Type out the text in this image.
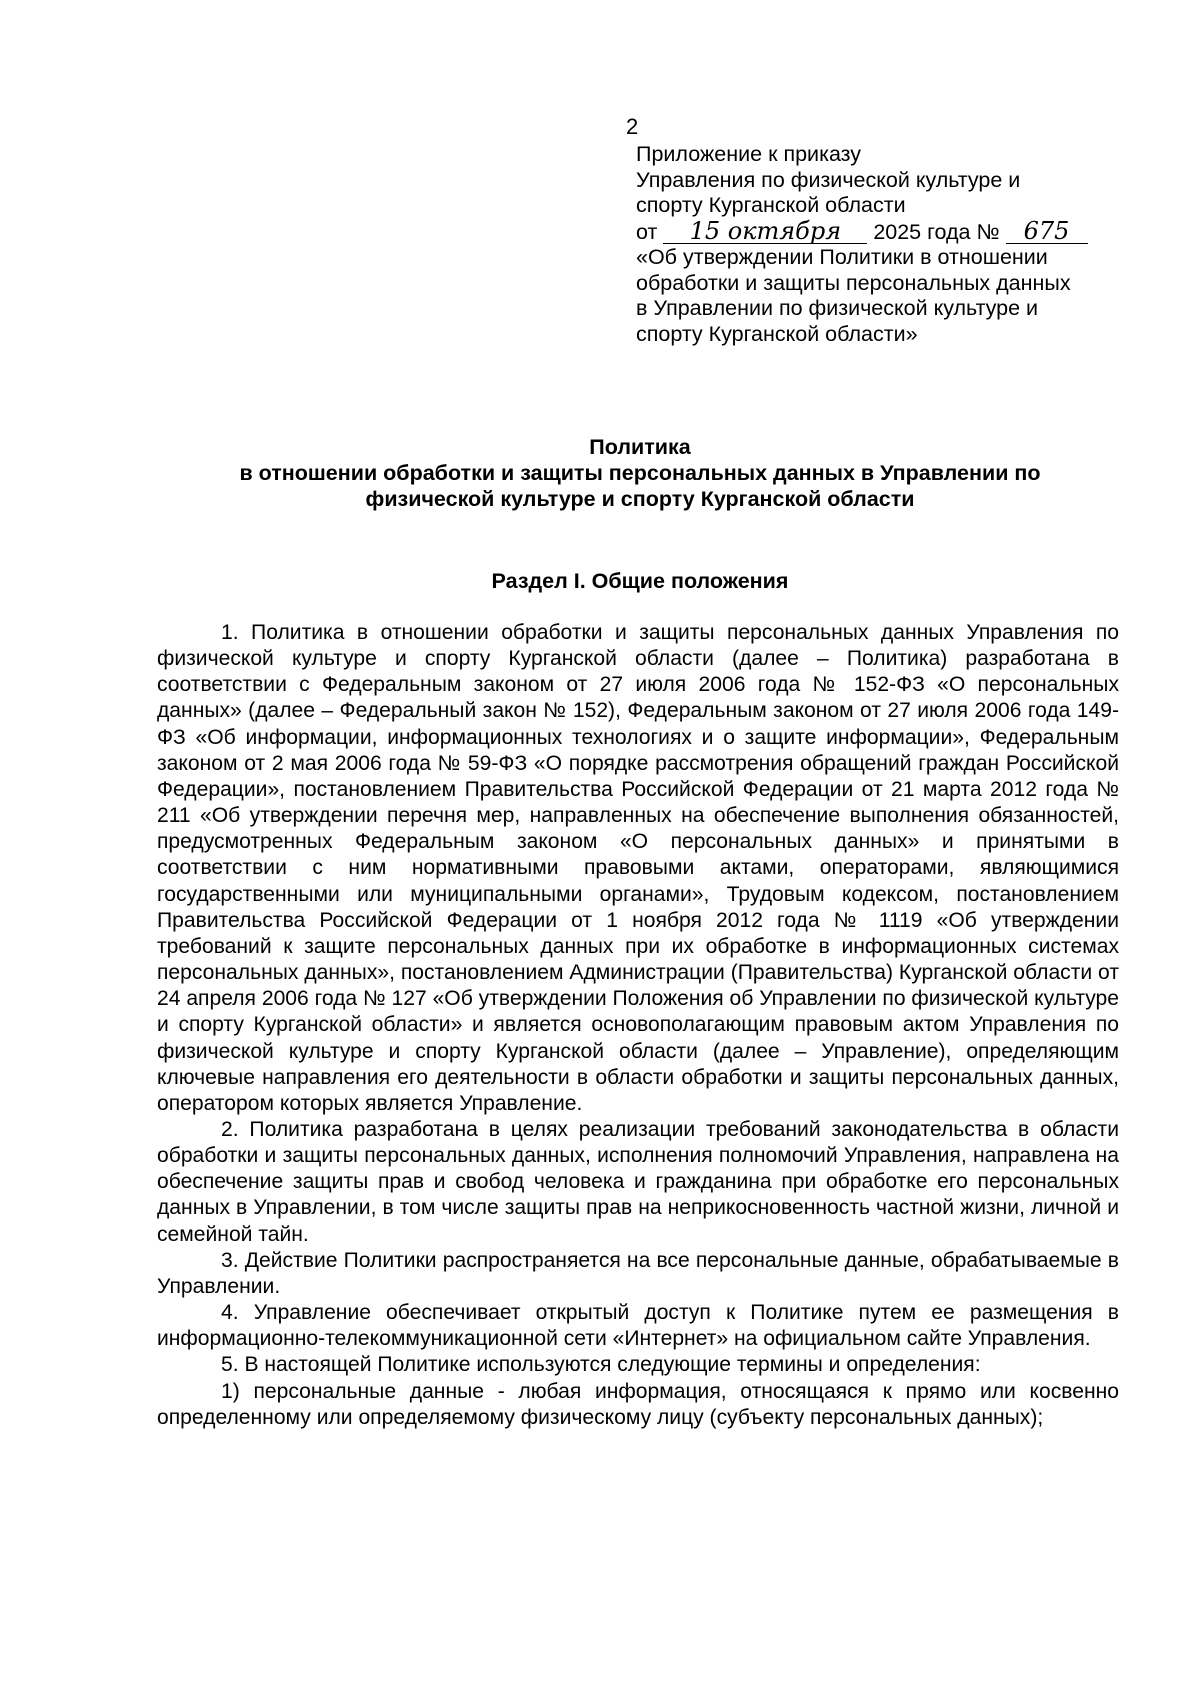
2
Приложение к приказу
Управления по физической культуре и
спорту Курганской области
от 15 октября 2025 года № 675
«Об утверждении Политики в отношении
обработки и защиты персональных данных
в Управлении по физической культуре и
спорту Курганской области»
Политика
в отношении обработки и защиты персональных данных в Управлении по
физической культуре и спорту Курганской области
Раздел I. Общие положения

1. Политика в отношении обработки и защиты персональных данных Управления по физической культуре и спорту Курганской области (далее – Политика) разработана в соответствии с Федеральным законом от 27 июля 2006 года № 152-ФЗ «О персональных данных» (далее – Федеральный закон № 152), Федеральным законом от 27 июля 2006 года 149-ФЗ «Об информации, информационных технологиях и о защите информации», Федеральным законом от 2 мая 2006 года № 59-ФЗ «О порядке рассмотрения обращений граждан Российской Федерации», постановлением Правительства Российской Федерации от 21 марта 2012 года № 211 «Об утверждении перечня мер, направленных на обеспечение выполнения обязанностей, предусмотренных Федеральным законом «О персональных данных» и принятыми в соответствии с ним нормативными правовыми актами, операторами, являющимися государственными или муниципальными органами», Трудовым кодексом, постановлением Правительства Российской Федерации от 1 ноября 2012 года № 1119 «Об утверждении требований к защите персональных данных при их обработке в информационных системах персональных данных», постановлением Администрации (Правительства) Курганской области от 24 апреля 2006 года № 127 «Об утверждении Положения об Управлении по физической культуре и спорту Курганской области» и является основополагающим правовым актом Управления по физической культуре и спорту Курганской области (далее – Управление), определяющим ключевые направления его деятельности в области обработки и защиты персональных данных, оператором которых является Управление.

2. Политика разработана в целях реализации требований законодательства в области обработки и защиты персональных данных, исполнения полномочий Управления, направлена на обеспечение защиты прав и свобод человека и гражданина при обработке его персональных данных в Управлении, в том числе защиты прав на неприкосновенность частной жизни, личной и семейной тайн.

3. Действие Политики распространяется на все персональные данные, обрабатываемые в Управлении.

4. Управление обеспечивает открытый доступ к Политике путем ее размещения в информационно-телекоммуникационной сети «Интернет» на официальном сайте Управления.

5. В настоящей Политике используются следующие термины и определения:

1) персональные данные - любая информация, относящаяся к прямо или косвенно определенному или определяемому физическому лицу (субъекту персональных данных);
